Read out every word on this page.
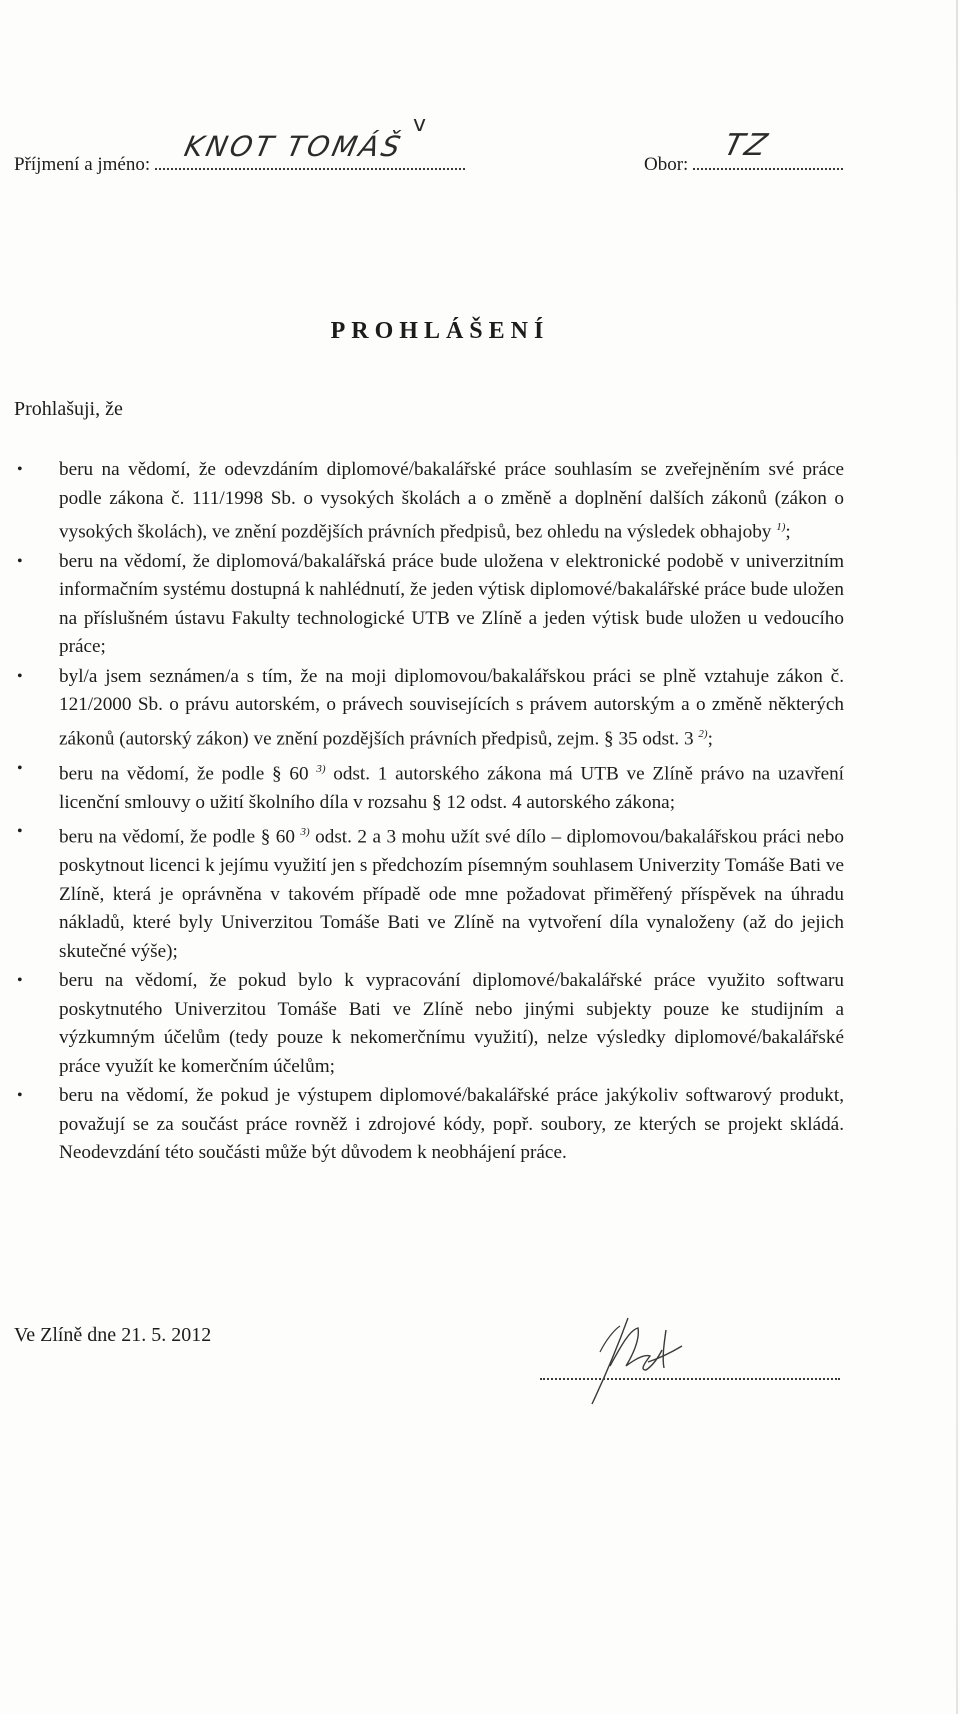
Příjmení a jméno:
KNOT TOMÁŠ
Obor:
TZ
v
PROHLÁŠENÍ
Prohlašuji, že
• beru na vědomí, že odevzdáním diplomové/bakalářské práce souhlasím se zveřejněním své práce podle zákona č. 111/1998 Sb. o vysokých školách a o změně a doplnění dalších zákonů (zákon o vysokých školách), ve znění pozdějších právních předpisů, bez ohledu na výsledek obhajoby $^{1)}$;
• beru na vědomí, že diplomová/bakalářská práce bude uložena v elektronické podobě v univerzitním informačním systému dostupná k nahlédnutí, že jeden výtisk diplomové/bakalářské práce bude uložen na příslušném ústavu Fakulty technologické UTB ve Zlíně a jeden výtisk bude uložen u vedoucího práce;
• byl/a jsem seznámen/a s tím, že na moji diplomovou/bakalářskou práci se plně vztahuje zákon č. 121/2000 Sb. o právu autorském, o právech souvisejících s právem autorským a o změně některých zákonů (autorský zákon) ve znění pozdějších právních předpisů, zejm. § 35 odst. 3 $^{2)}$;
• beru na vědomí, že podle § 60 $^{3)}$ odst. 1 autorského zákona má UTB ve Zlíně právo na uzavření licenční smlouvy o užití školního díla v rozsahu § 12 odst. 4 autorského zákona;
• beru na vědomí, že podle § 60 $^{3)}$ odst. 2 a 3 mohu užít své dílo – diplomovou/bakalářskou práci nebo poskytnout licenci k jejímu využití jen s předchozím písemným souhlasem Univerzity Tomáše Bati ve Zlíně, která je oprávněna v takovém případě ode mne požadovat přiměřený příspěvek na úhradu nákladů, které byly Univerzitou Tomáše Bati ve Zlíně na vytvoření díla vynaloženy (až do jejich skutečné výše);
• beru na vědomí, že pokud bylo k vypracování diplomové/bakalářské práce využito softwaru poskytnutého Univerzitou Tomáše Bati ve Zlíně nebo jinými subjekty pouze ke studijním a výzkumným účelům (tedy pouze k nekomerčnímu využití), nelze výsledky diplomové/bakalářské práce využít ke komerčním účelům;
• beru na vědomí, že pokud je výstupem diplomové/bakalářské práce jakýkoliv softwarový produkt, považují se za součást práce rovněž i zdrojové kódy, popř. soubory, ze kterých se projekt skládá. Neodevzdání této součásti může být důvodem k neobhájení práce.
Ve Zlíně dne 21. 5. 2012
